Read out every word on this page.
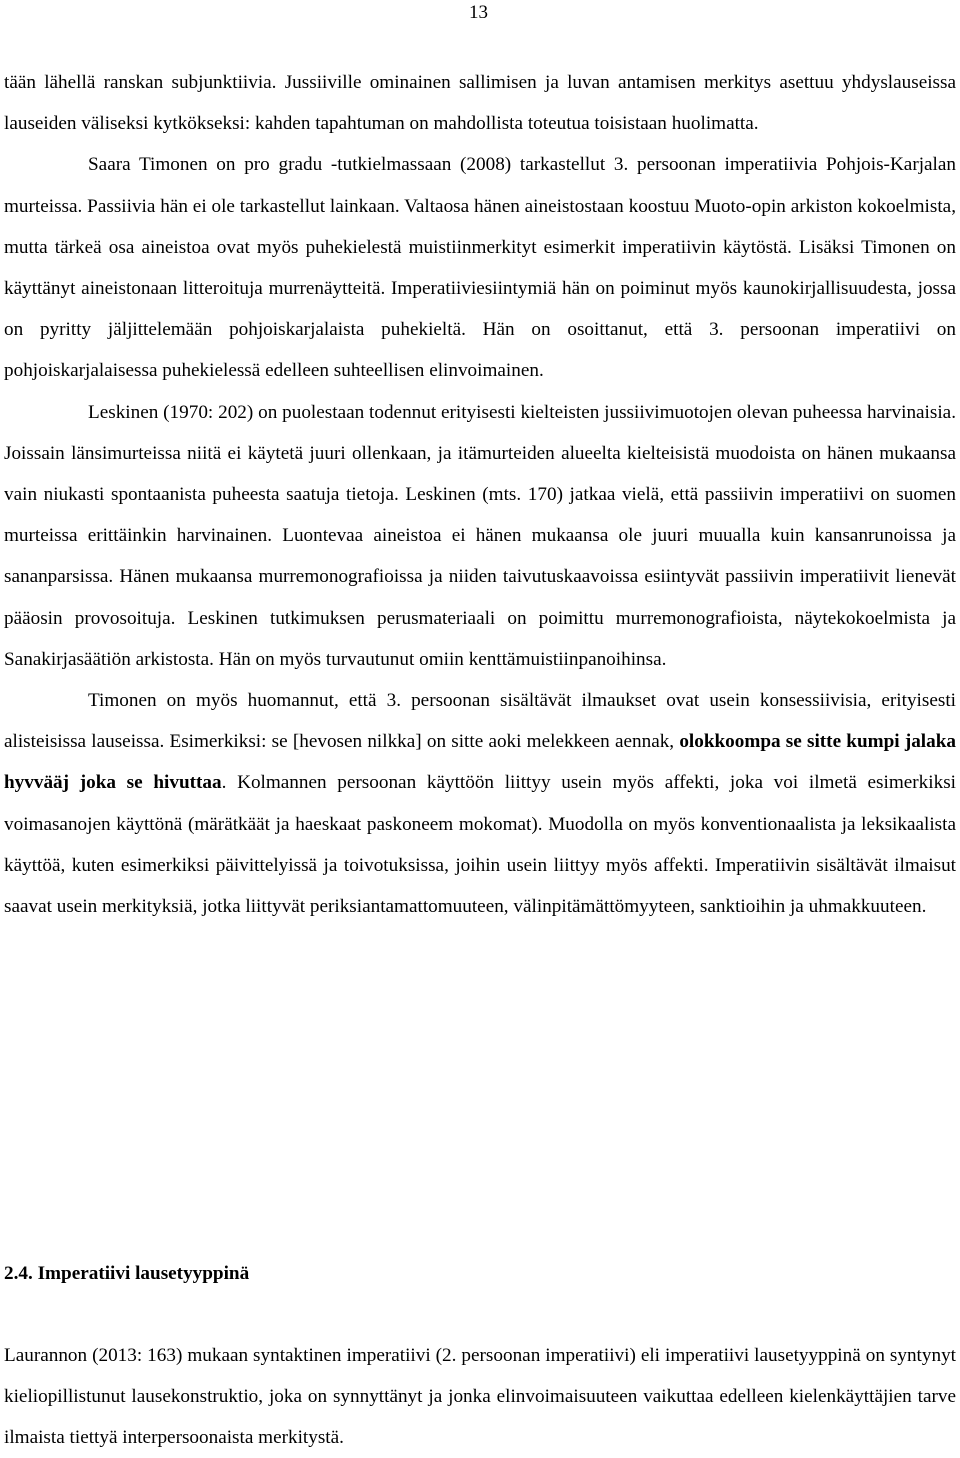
13

tään lähellä ranskan subjunktiivia. Jussiiville ominainen sallimisen ja luvan antamisen merkitys asettuu yhdyslauseissa lauseiden väliseksi kytkökseksi: kahden tapahtuman on mahdollista toteutua toisistaan huolimatta.

Saara Timonen on pro gradu -tutkielmassaan (2008) tarkastellut 3. persoonan imperatiivia Pohjois-Karjalan murteissa. Passiivia hän ei ole tarkastellut lainkaan. Valtaosa hänen aineistostaan koostuu Muoto-opin arkiston kokoelmista, mutta tärkeä osa aineistoa ovat myös puhekielestä muistiinmerkityt esimerkit imperatiivin käytöstä. Lisäksi Timonen on käyttänyt aineistonaan litteroituja murrenäytteitä. Imperatiiviesiintymiä hän on poiminut myös kaunokirjallisuudesta, jossa on pyritty jäljittelemään pohjoiskarjalaista puhekieltä. Hän on osoittanut, että 3. persoonan imperatiivi on pohjoiskarjalaisessa puhekielessä edelleen suhteellisen elinvoimainen.

Leskinen (1970: 202) on puolestaan todennut erityisesti kielteisten jussiivimuotojen olevan puheessa harvinaisia. Joissain länsimurteissa niitä ei käytetä juuri ollenkaan, ja itämurteiden alueelta kielteisistä muodoista on hänen mukaansa vain niukasti spontaanista puheesta saatuja tietoja. Leskinen (mts. 170) jatkaa vielä, että passiivin imperatiivi on suomen murteissa erittäinkin harvinainen. Luontevaa aineistoa ei hänen mukaansa ole juuri muualla kuin kansanrunoissa ja sananparsissa. Hänen mukaansa murremonografioissa ja niiden taivutuskaavoissa esiintyvät passiivin imperatiivit lienevät pääosin provosoituja. Leskinen tutkimuksen perusmateriaali on poimittu murremonografioista, näytekokoelmista ja Sanakirjasäätiön arkistosta. Hän on myös turvautunut omiin kenttämuistiinpanoihinsa.

Timonen on myös huomannut, että 3. persoonan sisältävät ilmaukset ovat usein konsessiivisia, erityisesti alisteisissa lauseissa. Esimerkiksi: se [hevosen nilkka] on sitte aoki melekkeen aennak, olokkoompa se sitte kumpi jalaka hyvvääj joka se hivuttaa. Kolmannen persoonan käyttöön liittyy usein myös affekti, joka voi ilmetä esimerkiksi voimasanojen käyttönä (märätkäät ja haeskaat paskoneem mokomat). Muodolla on myös konventionaalista ja leksikaalista käyttöä, kuten esimerkiksi päivittelyissä ja toivotuksissa, joihin usein liittyy myös affekti. Imperatiivin sisältävät ilmaisut saavat usein merkityksiä, jotka liittyvät periksiantamattomuuteen, välinpitämättömyyteen, sanktioihin ja uhmakkuuteen.

2.4. Imperatiivi lausetyyppinä

Laurannon (2013: 163) mukaan syntaktinen imperatiivi (2. persoonan imperatiivi) eli imperatiivi lausetyyppinä on syntynyt kieliopillistunut lausekonstruktio, joka on synnyttänyt ja jonka elinvoimaisuuteen vaikuttaa edelleen kielenkäyttäjien tarve ilmaista tiettyä interpersoonaista merkitystä.
